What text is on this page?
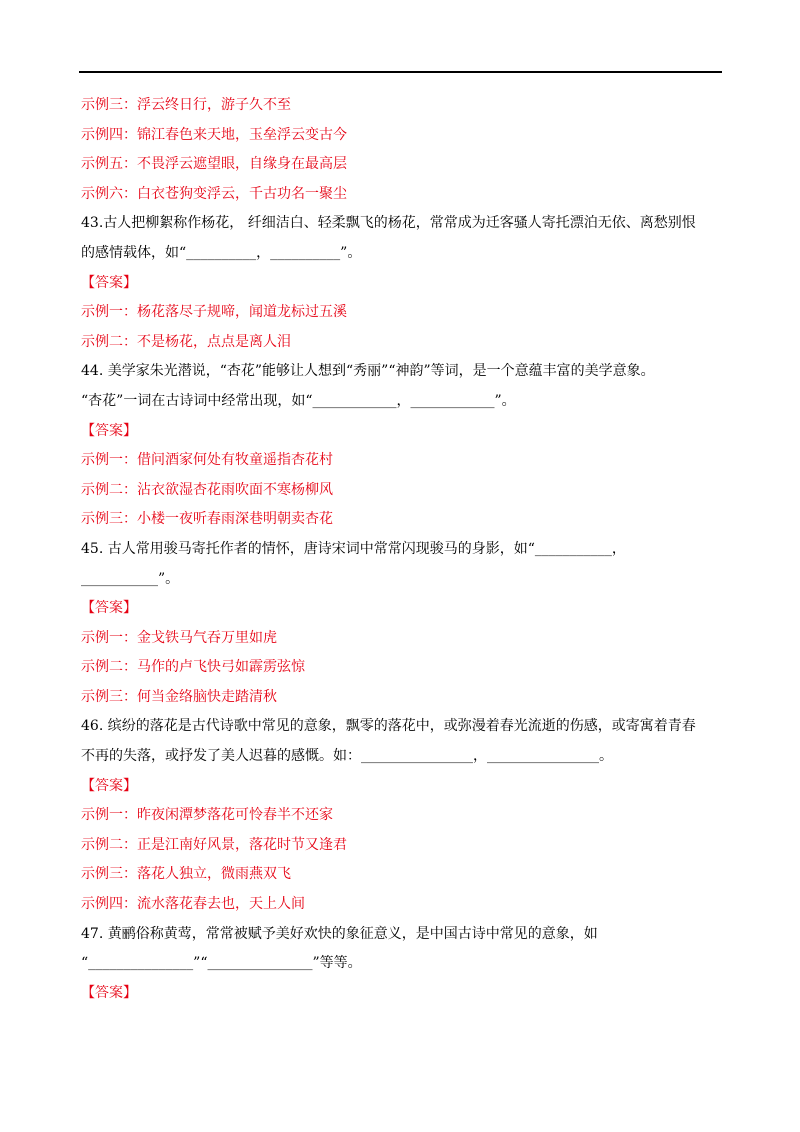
示例三：浮云终日行，游子久不至
示例四：锦江春色来天地，玉垒浮云变古今
示例五：不畏浮云遮望眼，自缘身在最高层
示例六：白衣苍狗变浮云，千古功名一聚尘
43.古人把柳絮称作杨花， 纤细洁白、轻柔飘飞的杨花，常常成为迁客骚人寄托漂泊无依、离愁别恨
的感情载体，如“__________，__________”。
【答案】
示例一：杨花落尽子规啼，闻道龙标过五溪
示例二：不是杨花，点点是离人泪
44. 美学家朱光潜说，“杏花”能够让人想到“秀丽”“神韵”等词，是一个意蕴丰富的美学意象。
“杏花”一词在古诗词中经常出现，如“____________，____________”。
【答案】
示例一：借问酒家何处有牧童遥指杏花村
示例二：沾衣欲湿杏花雨吹面不寒杨柳风
示例三：小楼一夜听春雨深巷明朝卖杏花
45. 古人常用骏马寄托作者的情怀，唐诗宋词中常常闪现骏马的身影，如“___________，
___________”。
【答案】
示例一：金戈铁马气吞万里如虎
示例二：马作的卢飞快弓如霹雳弦惊
示例三：何当金络脑快走踏清秋
46. 缤纷的落花是古代诗歌中常见的意象，飘零的落花中，或弥漫着春光流逝的伤感，或寄寓着青春
不再的失落，或抒发了美人迟暮的感慨。如：________________，________________。
【答案】
示例一：昨夜闲潭梦落花可怜春半不还家
示例二：正是江南好风景，落花时节又逢君
示例三：落花人独立，微雨燕双飞
示例四：流水落花春去也，天上人间
47. 黄鹂俗称黄莺，常常被赋予美好欢快的象征意义，是中国古诗中常见的意象，如
“_______________”“_______________”等等。
【答案】
